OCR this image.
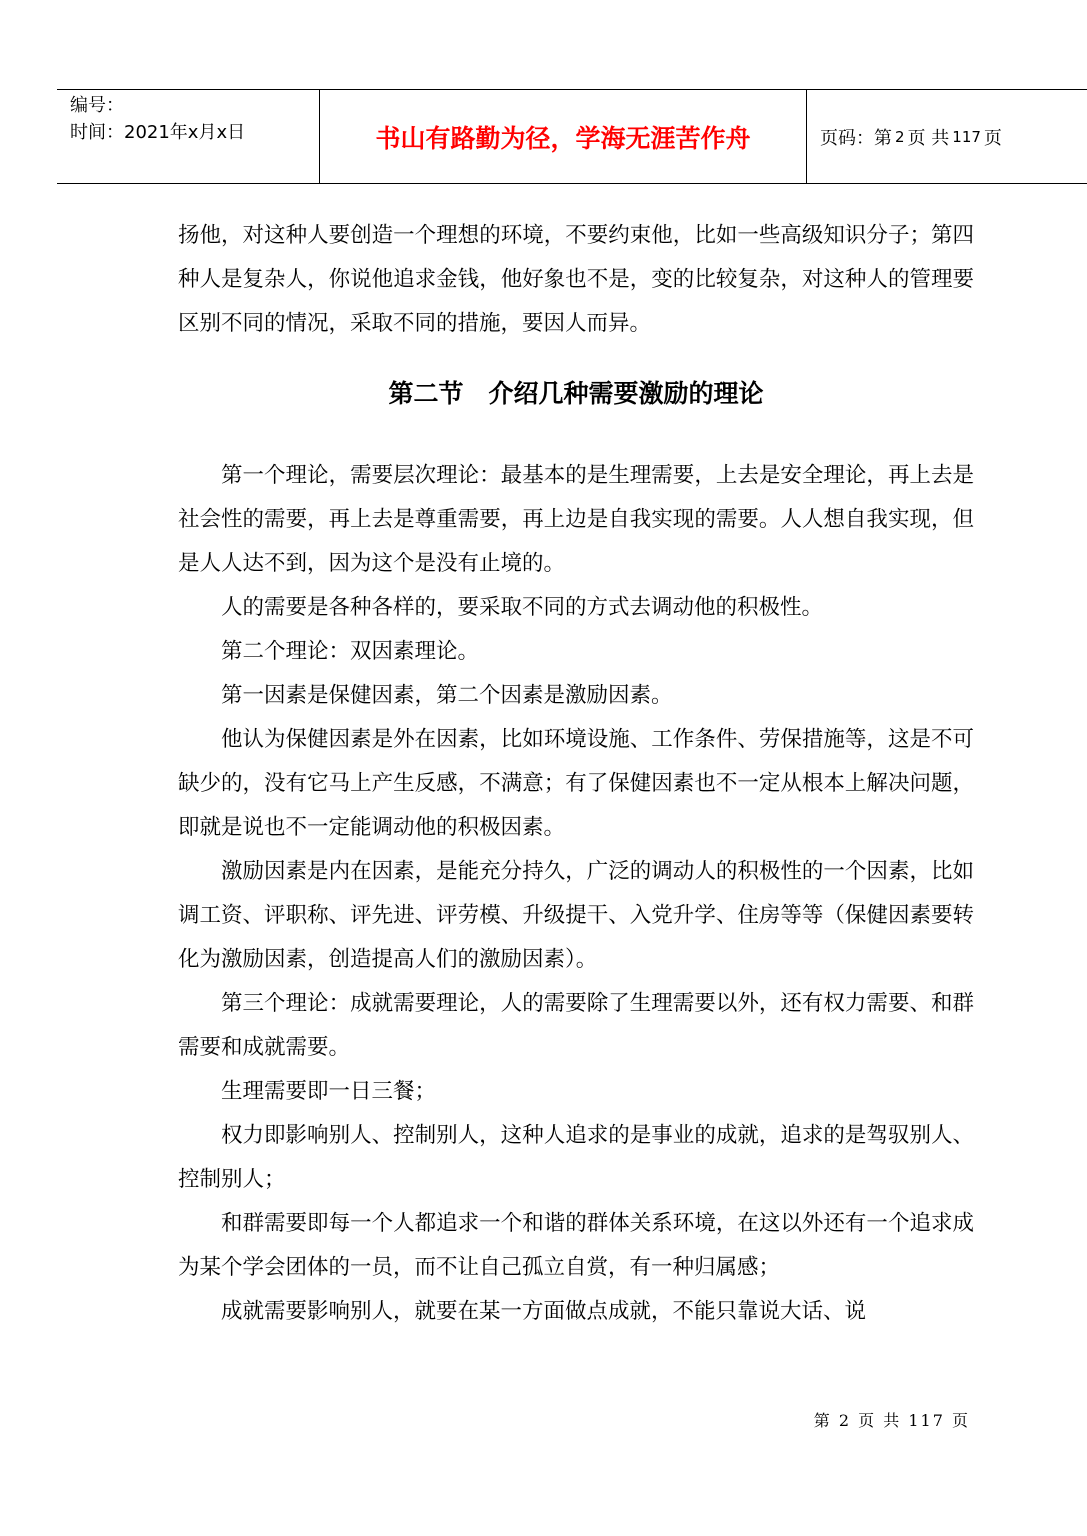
编号：
时间：2021年x月x日	书山有路勤为径，学海无涯苦作舟	页码：第 2 页 共 117 页

扬他，对这种人要创造一个理想的环境，不要约束他，比如一些高级知识分子；第四种人是复杂人，你说他追求金钱，他好象也不是，变的比较复杂，对这种人的管理要区别不同的情况，采取不同的措施，要因人而异。

第二节　介绍几种需要激励的理论

第一个理论，需要层次理论：最基本的是生理需要，上去是安全理论，再上去是社会性的需要，再上去是尊重需要，再上边是自我实现的需要。人人想自我实现，但是人人达不到，因为这个是没有止境的。

人的需要是各种各样的，要采取不同的方式去调动他的积极性。

第二个理论：双因素理论。

第一因素是保健因素，第二个因素是激励因素。

他认为保健因素是外在因素，比如环境设施、工作条件、劳保措施等，这是不可缺少的，没有它马上产生反感，不满意；有了保健因素也不一定从根本上解决问题，即就是说也不一定能调动他的积极因素。

激励因素是内在因素，是能充分持久，广泛的调动人的积极性的一个因素，比如调工资、评职称、评先进、评劳模、升级提干、入党升学、住房等等（保健因素要转化为激励因素，创造提高人们的激励因素）。

第三个理论：成就需要理论，人的需要除了生理需要以外，还有权力需要、和群需要和成就需要。

生理需要即一日三餐；

权力即影响别人、控制别人，这种人追求的是事业的成就，追求的是驾驭别人、控制别人；

和群需要即每一个人都追求一个和谐的群体关系环境，在这以外还有一个追求成为某个学会团体的一员，而不让自己孤立自赏，有一种归属感；

成就需要影响别人，就要在某一方面做点成就，不能只靠说大话、说

第 2 页 共 117 页
